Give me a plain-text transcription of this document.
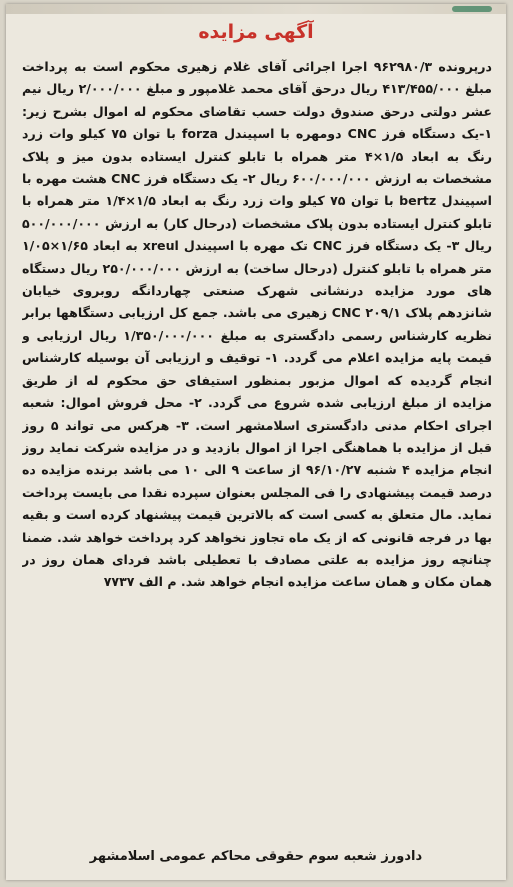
آگهی مزایده
درپرونده ۹۶۲۹۸۰/۳ اجرا اجرائی آقای غلام زهیری محکوم است به پرداخت مبلغ ۴۱۳/۴۵۵/۰۰۰ ریال درحق آقای محمد غلامپور و مبلغ ۲/۰۰۰/۰۰۰ ریال نیم عشر دولتی درحق صندوق دولت حسب تقاضای محکوم له اموال بشرح زیر: ۱-یک دستگاه فرز CNC دومهره با اسپیندل forza با توان ۷۵ کیلو وات زرد رنگ به ابعاد ۱/۵×۴ متر همراه با تابلو کنترل ایستاده بدون میز و پلاک مشخصات به ارزش ۶۰۰/۰۰۰/۰۰۰ ریال ۲- یک دستگاه فرز CNC هشت مهره با اسپیندل bertz با توان ۷۵ کیلو وات زرد رنگ به ابعاد ۱/۵×۱/۴ متر همراه با تابلو کنترل ایستاده بدون پلاک مشخصات (درحال کار) به ارزش ۵۰۰/۰۰۰/۰۰۰ ریال ۳- یک دستگاه فرز CNC تک مهره با اسپیندل xreul به ابعاد ۱/۶۵×۱/۰۵ متر همراه با تابلو کنترل (درحال ساخت) به ارزش ۲۵۰/۰۰۰/۰۰۰ ریال دستگاه های مورد مزایده درنشانی شهرک صنعتی چهاردانگه روبروی خیابان شانزدهم پلاک CNC ۲۰۹/۱ زهیری می باشد. جمع کل ارزیابی دستگاهها برابر نظریه کارشناس رسمی دادگستری به مبلغ ۱/۳۵۰/۰۰۰/۰۰۰ ریال ارزیابی و قیمت پایه مزایده اعلام می گردد. ۱- توقیف و ارزیابی آن بوسیله کارشناس انجام گردیده که اموال مزبور بمنظور استیفای حق محکوم له از طریق مزایده از مبلغ ارزیابی شده شروع می گردد. ۲- محل فروش اموال: شعبه اجرای احکام مدنی دادگستری اسلامشهر است. ۳- هرکس می تواند ۵ روز قبل از مزایده با هماهنگی اجرا از اموال بازدید و در مزایده شرکت نماید روز انجام مزایده ۴ شنبه ۹۶/۱۰/۲۷ از ساعت ۹ الی ۱۰ می باشد برنده مزایده ده درصد قیمت پیشنهادی را فی المجلس بعنوان سپرده نقدا می بایست پرداخت نماید. مال متعلق به کسی است که بالاترین قیمت پیشنهاد کرده است و بقیه بها در فرجه قانونی که از یک ماه تجاوز نخواهد کرد پرداخت خواهد شد. ضمنا چنانچه روز مزایده به علتی مصادف با تعطیلی باشد فردای همان روز در همان مکان و همان ساعت مزایده انجام خواهد شد. م الف ۷۷۳۷
دادورز شعبه سوم حقوقی محاکم عمومی اسلامشهر
